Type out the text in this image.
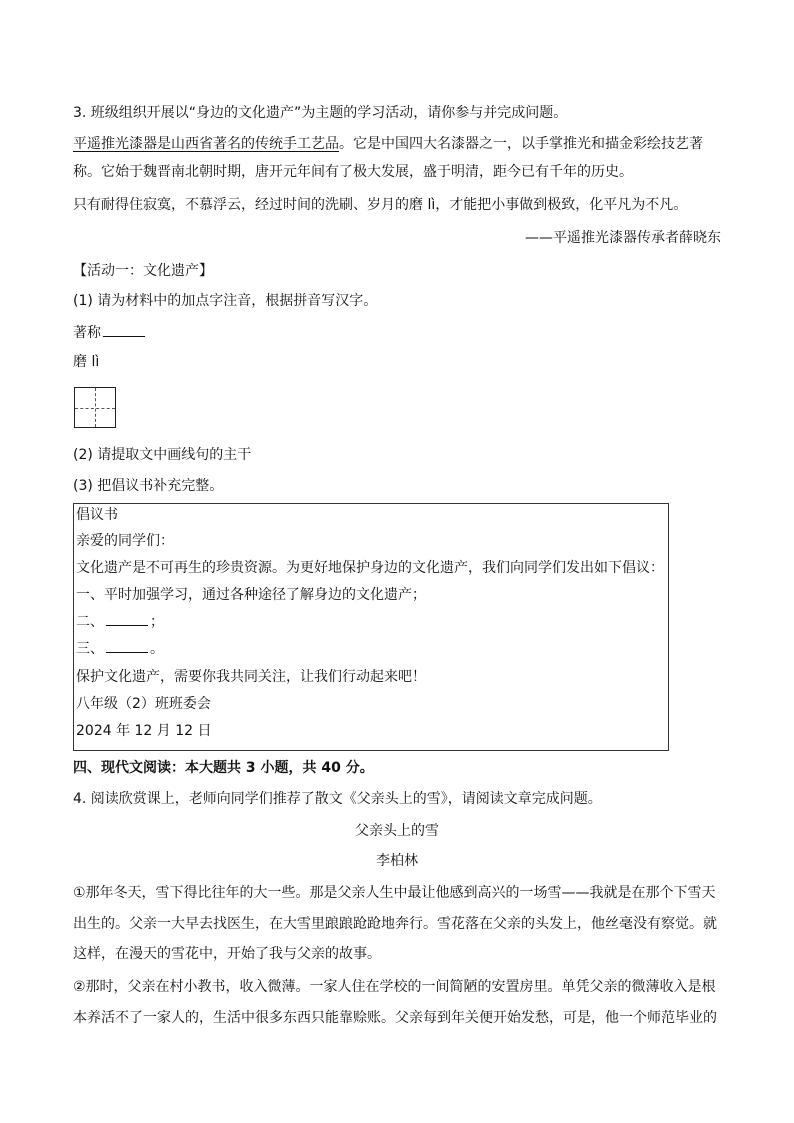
3. 班级组织开展以“身边的文化遗产”为主题的学习活动，请你参与并完成问题。
平遥推光漆器是山西省著名的传统手工艺品。它是中国四大名漆器之一，以手掌推光和描金彩绘技艺著
称。它始于魏晋南北朝时期，唐开元年间有了极大发展，盛于明清，距今已有千年的历史。
只有耐得住寂寞，不慕浮云，经过时间的洗刷、岁月的磨 lì，才能把小事做到极致，化平凡为不凡。
——平遥推光漆器传承者薛晓东
【活动一：文化遗产】
(1) 请为材料中的加点字注音，根据拼音写汉字。
著称
磨 lì
(2) 请提取文中画线句的主干
(3) 把倡议书补充完整。
倡议书
亲爱的同学们：
文化遗产是不可再生的珍贵资源。为更好地保护身边的文化遗产，我们向同学们发出如下倡议：
一、平时加强学习，通过各种途径了解身边的文化遗产；
二、	；
三、	。
保护文化遗产，需要你我共同关注，让我们行动起来吧！
八年级（2）班班委会
2024 年 12 月 12 日
四、现代文阅读：本大题共 3 小题，共 40 分。
4. 阅读欣赏课上，老师向同学们推荐了散文《父亲头上的雪》，请阅读文章完成问题。
父亲头上的雪
李柏林
①那年冬天，雪下得比往年的大一些。那是父亲人生中最让他感到高兴的一场雪——我就是在那个下雪天
出生的。父亲一大早去找医生，在大雪里踉踉跄跄地奔行。雪花落在父亲的头发上，他丝毫没有察觉。就
这样，在漫天的雪花中，开始了我与父亲的故事。
②那时，父亲在村小教书，收入微薄。一家人住在学校的一间简陋的安置房里。单凭父亲的微薄收入是根
本养活不了一家人的，生活中很多东西只能靠赊账。父亲每到年关便开始发愁，可是，他一个师范毕业的
